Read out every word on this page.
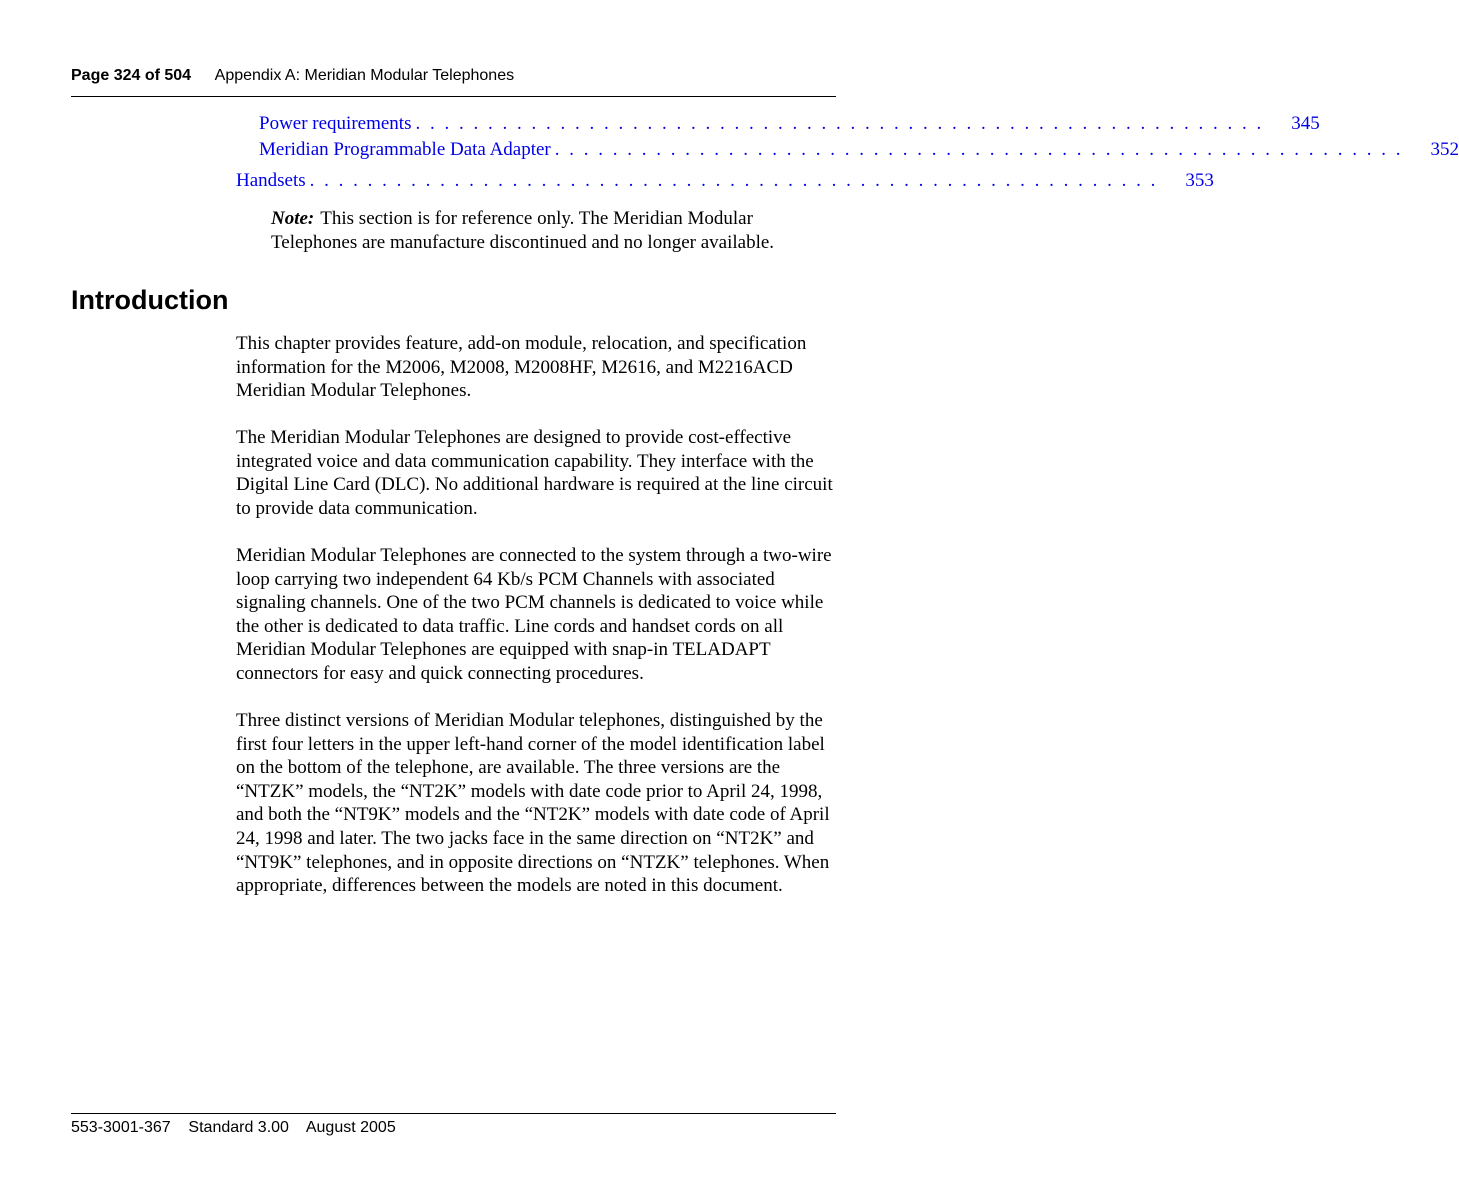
Page 324 of 504 Appendix A: Meridian Modular Telephones
Power requirements . . . . . . . . . . . . . . . . . . . . . . . . . . . . . . . . . . . . . . . . . . . . . . . . . . . . . . . . . . .	345
Meridian Programmable Data Adapter . . . . . . . . . . . . . . . . . . . . . . . . . . . . . . . . . . . . . . . . . . . . . . . . . . . . . . . . . . .	352
Handsets . . . . . . . . . . . . . . . . . . . . . . . . . . . . . . . . . . . . . . . . . . . . . . . . . . . . . . . . . . .	353
Note: This section is for reference only. The Meridian Modular Telephones are manufacture discontinued and no longer available.
Introduction

This chapter provides feature, add-on module, relocation, and specification information for the M2006, M2008, M2008HF, M2616, and M2216ACD Meridian Modular Telephones.

The Meridian Modular Telephones are designed to provide cost-effective integrated voice and data communication capability. They interface with the Digital Line Card (DLC). No additional hardware is required at the line circuit to provide data communication.

Meridian Modular Telephones are connected to the system through a two-wire loop carrying two independent 64 Kb/s PCM Channels with associated signaling channels. One of the two PCM channels is dedicated to voice while the other is dedicated to data traffic. Line cords and handset cords on all Meridian Modular Telephones are equipped with snap-in TELADAPT connectors for easy and quick connecting procedures.

Three distinct versions of Meridian Modular telephones, distinguished by the first four letters in the upper left-hand corner of the model identification label on the bottom of the telephone, are available. The three versions are the “NTZK” models, the “NT2K” models with date code prior to April 24, 1998, and both the “NT9K” models and the “NT2K” models with date code of April 24, 1998 and later. The two jacks face in the same direction on “NT2K” and “NT9K” telephones, and in opposite directions on “NTZK” telephones. When appropriate, differences between the models are noted in this document.

553-3001-367 Standard 3.00 August 2005
